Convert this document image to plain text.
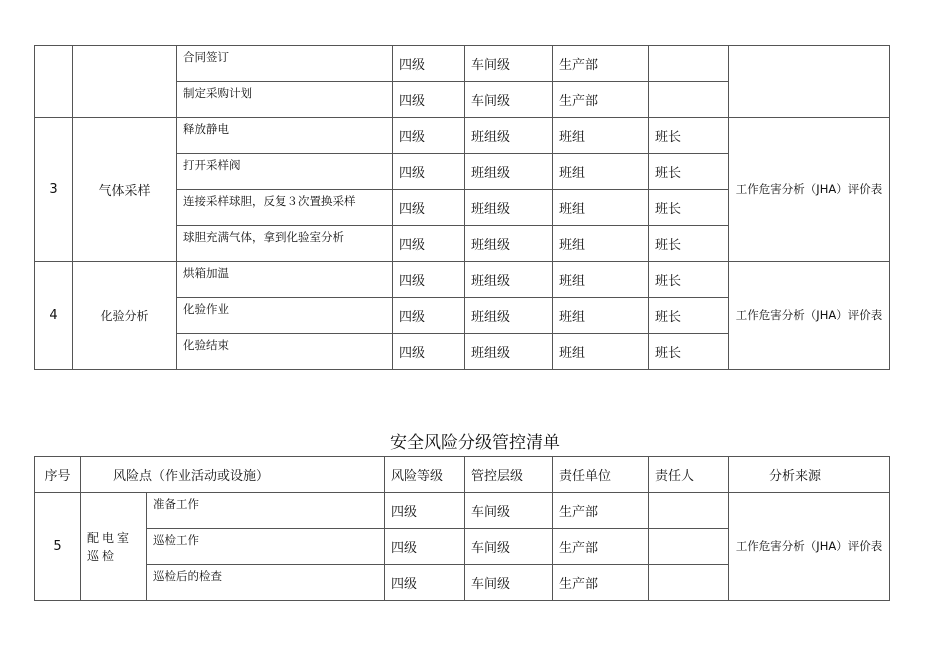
		合同签订	四级	车间级	生产部		
		制定采购计划	四级	车间级	生产部		
3	气体采样	释放静电	四级	班组级	班组	班长	工作危害分析（JHA）评价表
		打开采样阀	四级	班组级	班组	班长	
		连接采样球胆，反复３次置换采样	四级	班组级	班组	班长	
		球胆充满气体，拿到化验室分析	四级	班组级	班组	班长	
4	化验分析	烘箱加温	四级	班组级	班组	班长	工作危害分析（JHA）评价表
		化验作业	四级	班组级	班组	班长	
		化验结束	四级	班组级	班组	班长	
安全风险分级管控清单
序号	风险点（作业活动或设施）		风险等级	管控层级	责任单位	责任人	分析来源
5	配电室巡检	准备工作	四级	车间级	生产部		工作危害分析（JHA）评价表
		巡检工作	四级	车间级	生产部		
		巡检后的检查	四级	车间级	生产部		
